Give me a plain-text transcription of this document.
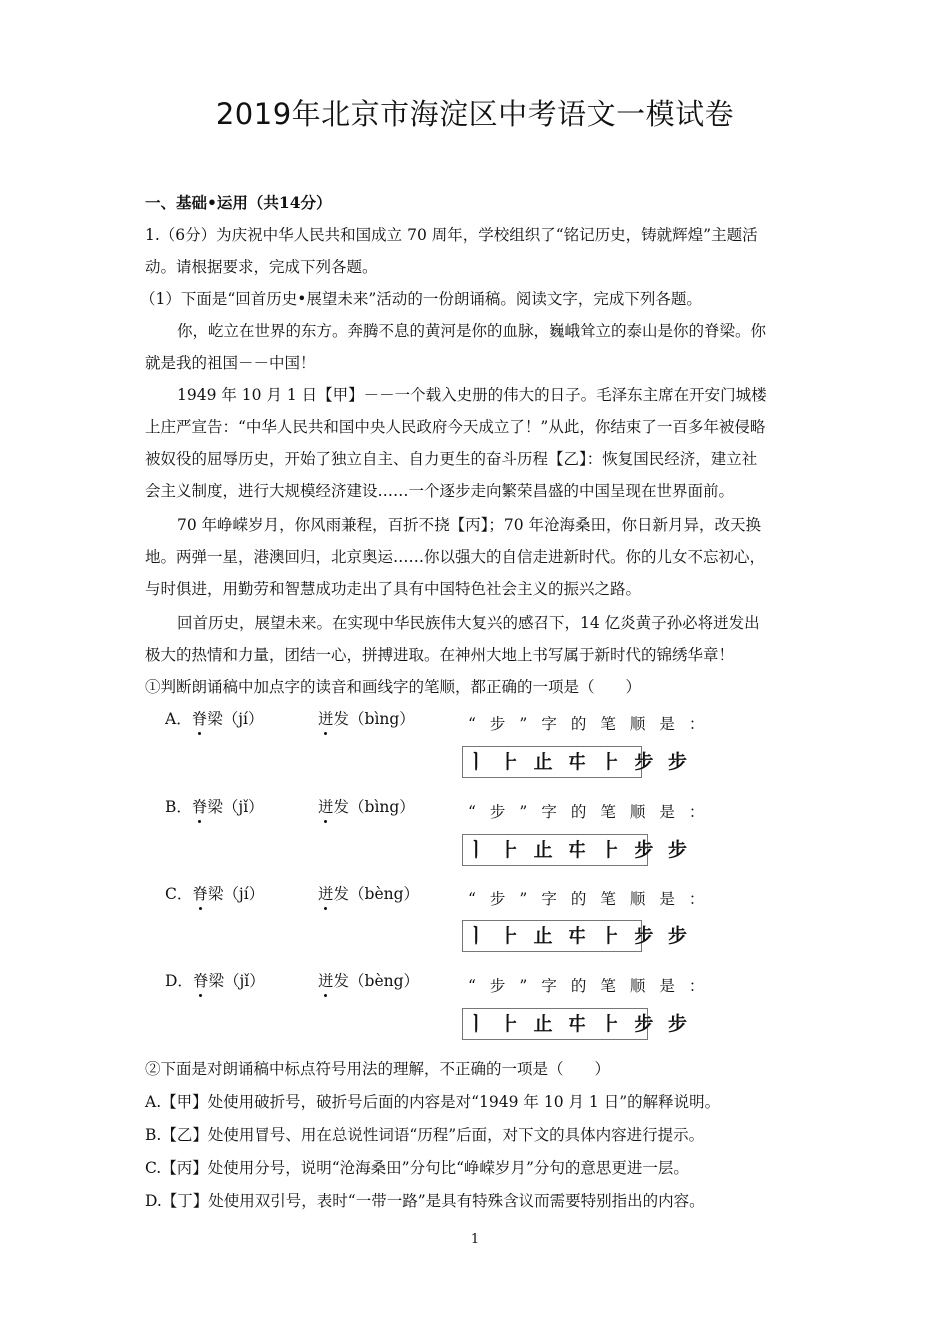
2019年北京市海淀区中考语文一模试卷
一、基础•运用（共14分）
1.（6分）为庆祝中华人民共和国成立 70 周年，学校组织了“铭记历史，铸就辉煌”主题活
动。请根据要求，完成下列各题。
（1）下面是“回首历史•展望未来”活动的一份朗诵稿。阅读文字，完成下列各题。
你，屹立在世界的东方。奔腾不息的黄河是你的血脉，巍峨耸立的泰山是你的脊梁。你
就是我的祖国－－中国！
1949 年 10 月 1 日【甲】－－一个载入史册的伟大的日子。毛泽东主席在开安门城楼
上庄严宣告：“中华人民共和国中央人民政府今天成立了！”从此，你结束了一百多年被侵略
被奴役的屈辱历史，开始了独立自主、自力更生的奋斗历程【乙】：恢复国民经济，建立社
会主义制度，进行大规模经济建设……一个逐步走向繁荣昌盛的中国呈现在世界面前。
70 年峥嵘岁月，你风雨兼程，百折不挠【丙】；70 年沧海桑田，你日新月异，改天换
地。两弹一星，港澳回归，北京奥运……你以强大的自信走进新时代。你的儿女不忘初心，
与时俱进，用勤劳和智慧成功走出了具有中国特色社会主义的振兴之路。
回首历史，展望未来。在实现中华民族伟大复兴的感召下，14 亿炎黄子孙必将迸发出
极大的热情和力量，团结一心，拼搏进取。在神州大地上书写属于新时代的锦绣华章！
①判断朗诵稿中加点字的读音和画线字的笔顺，都正确的一项是（　　）
A．脊梁（jí）	迸发（bìng）	“步”字的笔顺是：
ㅣ ⺊ 止 㐄 ⺊ 步 步
B．脊梁（jǐ）	迸发（bìng）	“步”字的笔顺是：
ㅣ ⺊ 止 㐄 ⺊ 步 步
C．脊梁（jí）	迸发（bèng）	“步”字的笔顺是：
ㅣ ⺊ 止 㐄 ⺊ 步 步
D．脊梁（jǐ）	迸发（bèng）	“步”字的笔顺是：
ㅣ ⺊ 止 㐄 ⺊ 步 步
②下面是对朗诵稿中标点符号用法的理解，不正确的一项是（　　）
A.【甲】处使用破折号，破折号后面的内容是对“1949 年 10 月 1 日”的解释说明。
B.【乙】处使用冒号、用在总说性词语“历程”后面，对下文的具体内容进行提示。
C.【丙】处使用分号，说明“沧海桑田”分句比“峥嵘岁月”分句的意思更进一层。
D.【丁】处使用双引号，表时“一带一路”是具有特殊含议而需要特别指出的内容。
1
